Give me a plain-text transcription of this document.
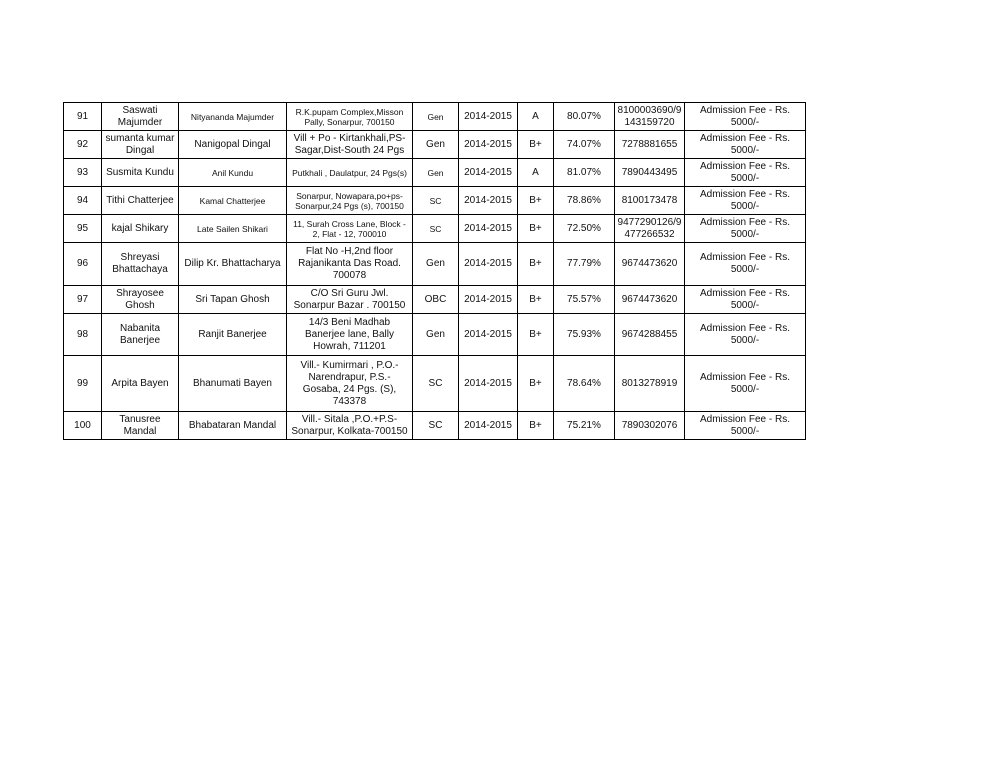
91	Saswati Majumder	Nityananda Majumder	R.K.pupam Complex,Misson Pally, Sonarpur, 700150	Gen	2014-2015	A	80.07%	8100003690/9 143159720	Admission Fee - Rs. 5000/-
92	sumanta kumar Dingal	Nanigopal Dingal	Vill + Po - Kirtankhali,PS- Sagar,Dist-South 24 Pgs	Gen	2014-2015	B+	74.07%	7278881655	Admission Fee - Rs. 5000/-
93	Susmita Kundu	Anil Kundu	Putkhali , Daulatpur, 24 Pgs(s)	Gen	2014-2015	A	81.07%	7890443495	Admission Fee - Rs. 5000/-
94	Tithi Chatterjee	Kamal Chatterjee	Sonarpur, Nowapara,po+ps- Sonarpur,24 Pgs (s), 700150	SC	2014-2015	B+	78.86%	8100173478	Admission Fee - Rs. 5000/-
95	kajal Shikary	Late Sailen Shikari	11, Surah Cross Lane, Block - 2, Flat - 12, 700010	SC	2014-2015	B+	72.50%	9477290126/9 477266532	Admission Fee - Rs. 5000/-
96	Shreyasi Bhattachaya	Dilip Kr. Bhattacharya	Flat No -H,2nd floor Rajanikanta Das Road. 700078	Gen	2014-2015	B+	77.79%	9674473620	Admission Fee - Rs. 5000/-
97	Shrayosee Ghosh	Sri Tapan Ghosh	C/O Sri Guru Jwl. Sonarpur Bazar . 700150	OBC	2014-2015	B+	75.57%	9674473620	Admission Fee - Rs. 5000/-
98	Nabanita Banerjee	Ranjit Banerjee	14/3 Beni Madhab Banerjee lane, Bally Howrah, 711201	Gen	2014-2015	B+	75.93%	9674288455	Admission Fee - Rs. 5000/-
99	Arpita Bayen	Bhanumati Bayen	Vill.- Kumirmari , P.O.- Narendrapur, P.S.- Gosaba, 24 Pgs. (S), 743378	SC	2014-2015	B+	78.64%	8013278919	Admission Fee - Rs. 5000/-
100	Tanusree Mandal	Bhabataran Mandal	Vill.- Sitala ,P.O.+P.S- Sonarpur, Kolkata-700150	SC	2014-2015	B+	75.21%	7890302076	Admission Fee - Rs. 5000/-
